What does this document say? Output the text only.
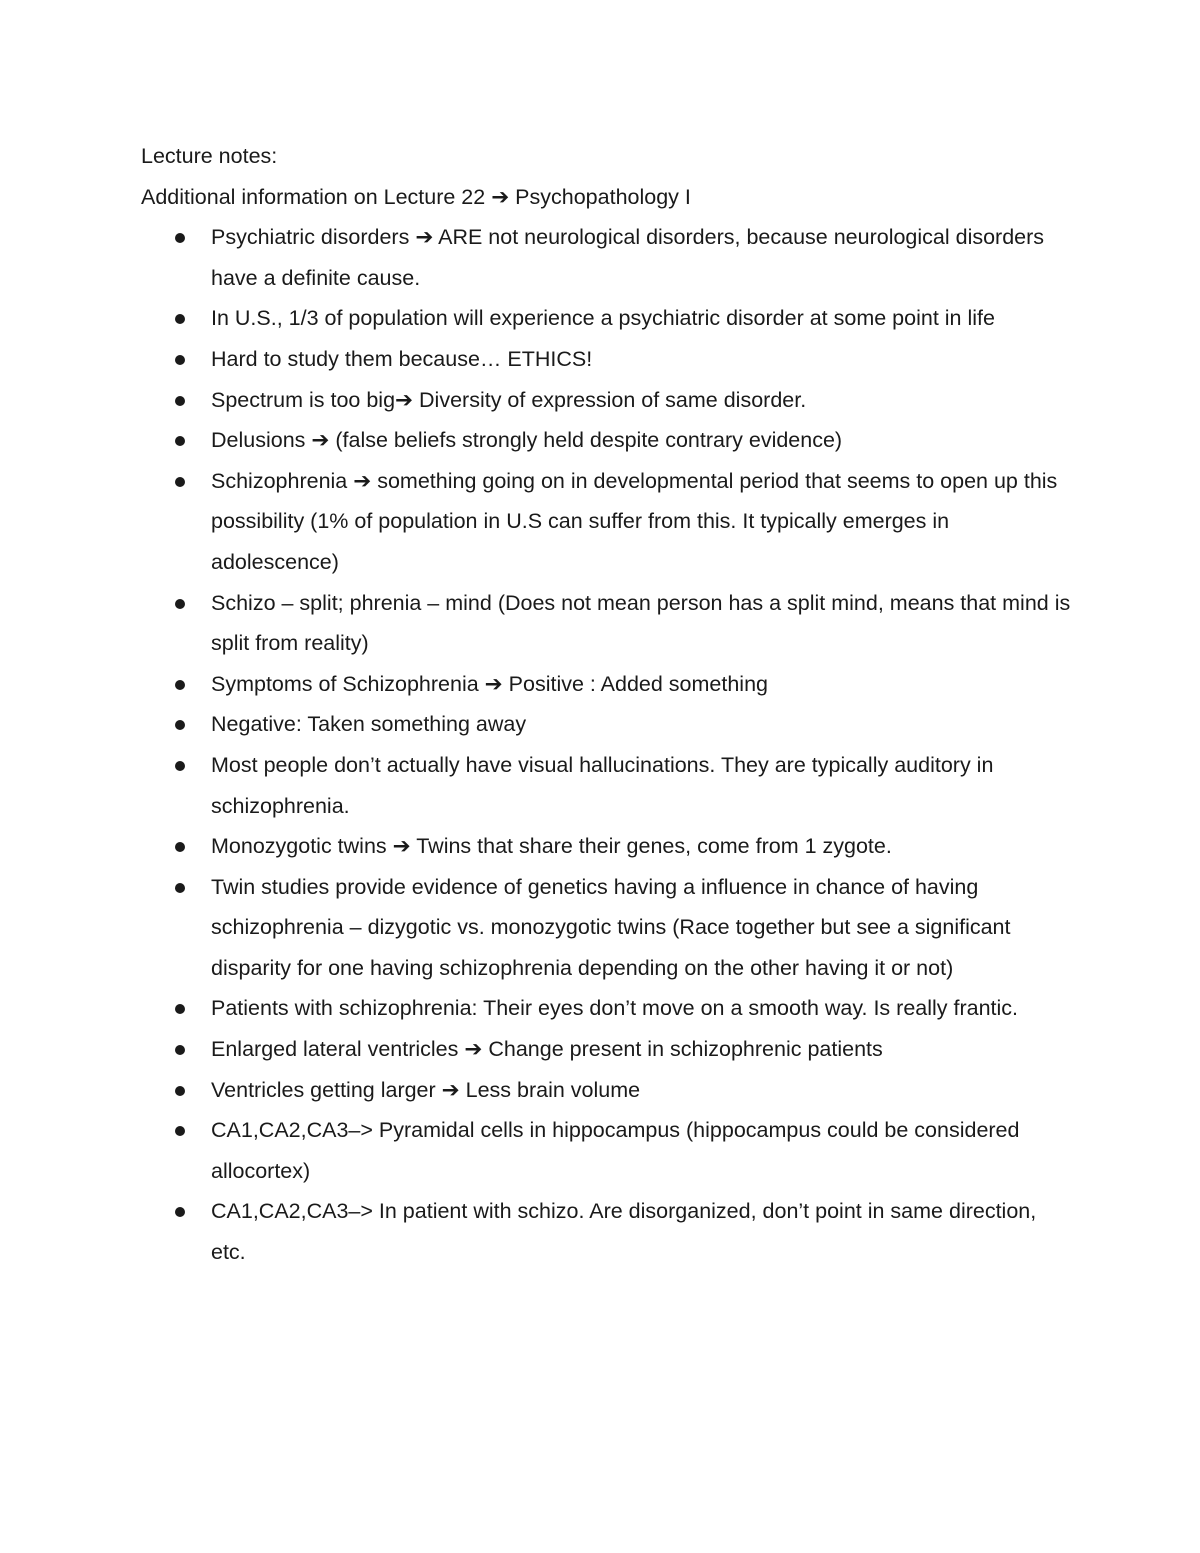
Lecture notes:
Additional information on Lecture 22 ➔ Psychopathology I
Psychiatric disorders ➔ ARE not neurological disorders, because neurological disorders have a definite cause.
In U.S., 1/3 of population will experience a psychiatric disorder at some point in life
Hard to study them because… ETHICS!
Spectrum is too big➔ Diversity of expression of same disorder.
Delusions ➔ (false beliefs strongly held despite contrary evidence)
Schizophrenia ➔ something going on in developmental period that seems to open up this possibility (1% of population in U.S can suffer from this. It typically emerges in adolescence)
Schizo – split; phrenia – mind (Does not mean person has a split mind, means that mind is split from reality)
Symptoms of Schizophrenia ➔ Positive : Added something
Negative: Taken something away
Most people don’t actually have visual hallucinations. They are typically auditory in schizophrenia.
Monozygotic twins ➔ Twins that share their genes, come from 1 zygote.
Twin studies provide evidence of genetics having a influence in chance of having schizophrenia – dizygotic vs. monozygotic twins (Race together but see a significant disparity for one having schizophrenia depending on the other having it or not)
Patients with schizophrenia: Their eyes don’t move on a smooth way. Is really frantic.
Enlarged lateral ventricles ➔ Change present in schizophrenic patients
Ventricles getting larger ➔ Less brain volume
CA1,CA2,CA3–> Pyramidal cells in hippocampus (hippocampus could be considered allocortex)
CA1,CA2,CA3–> In patient with schizo. Are disorganized, don’t point in same direction, etc.
